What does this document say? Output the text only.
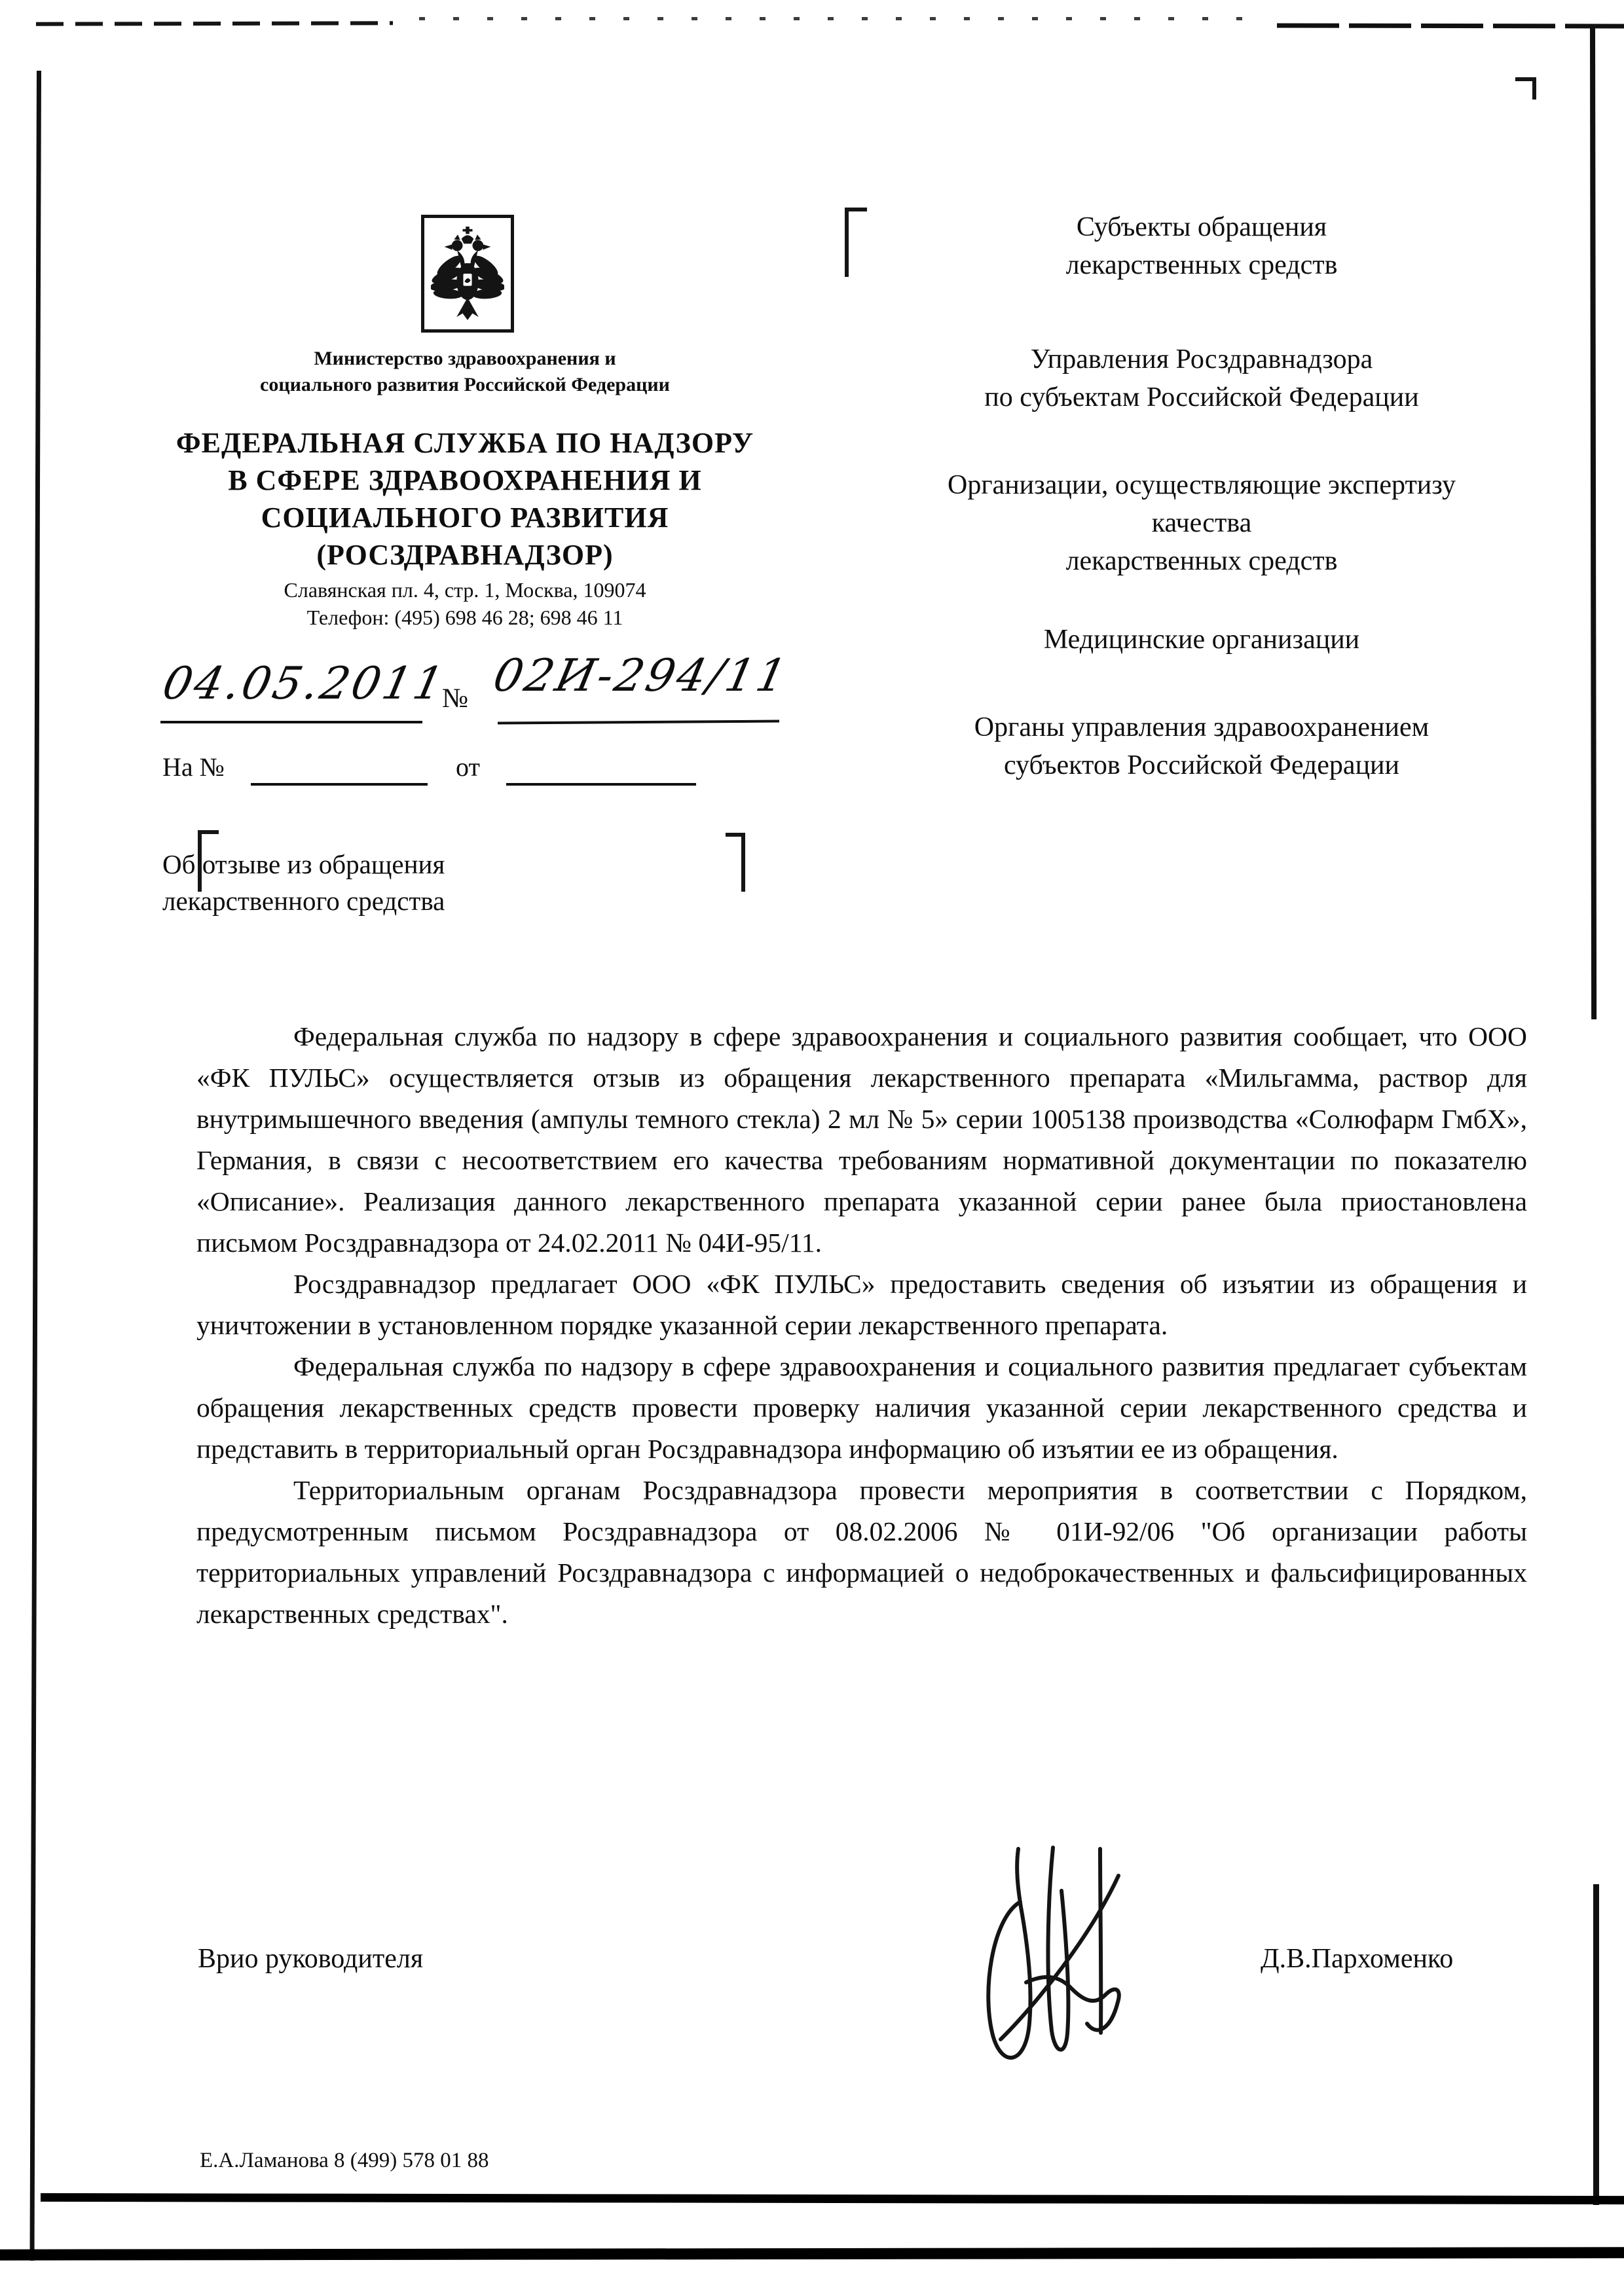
Министерство здравоохранения и
социального развития Российской Федерации
ФЕДЕРАЛЬНАЯ СЛУЖБА ПО НАДЗОРУ
В СФЕРЕ ЗДРАВООХРАНЕНИЯ И
СОЦИАЛЬНОГО РАЗВИТИЯ
(РОСЗДРАВНАДЗОР)
Славянская пл. 4, стр. 1, Москва, 109074
Телефон: (495) 698 46 28; 698 46 11
04.05.2011
№ 02И-294/11
На №	от
Об отзыве из обращения
лекарственного средства
Субъекты обращения
лекарственных средств
Управления Росздравнадзора
по субъектам Российской Федерации
Организации, осуществляющие экспертизу
качества
лекарственных средств
Медицинские организации
Органы управления здравоохранением
субъектов Российской Федерации

Федеральная служба по надзору в сфере здравоохранения и социального развития сообщает, что ООО «ФК ПУЛЬС» осуществляется отзыв из обращения лекарственного препарата «Мильгамма, раствор для внутримышечного введения (ампулы темного стекла) 2 мл № 5» серии 1005138 производства «Солюфарм ГмбХ», Германия, в связи с несоответствием его качества требованиям нормативной документации по показателю «Описание». Реализация данного лекарственного препарата указанной серии ранее была приостановлена письмом Росздравнадзора от 24.02.2011 № 04И-95/11.

Росздравнадзор предлагает ООО «ФК ПУЛЬС» предоставить сведения об изъятии из обращения и уничтожении в установленном порядке указанной серии лекарственного препарата.

Федеральная служба по надзору в сфере здравоохранения и социального развития предлагает субъектам обращения лекарственных средств провести проверку наличия указанной серии лекарственного средства и представить в территориальный орган Росздравнадзора информацию об изъятии ее из обращения.

Территориальным органам Росздравнадзора провести мероприятия в соответствии с Порядком, предусмотренным письмом Росздравнадзора от 08.02.2006 № 01И-92/06 "Об организации работы территориальных управлений Росздравнадзора с информацией о недоброкачественных и фальсифицированных лекарственных средствах".

Врио руководителя	Д.В.Пархоменко
Е.А.Ламанова 8 (499) 578 01 88
